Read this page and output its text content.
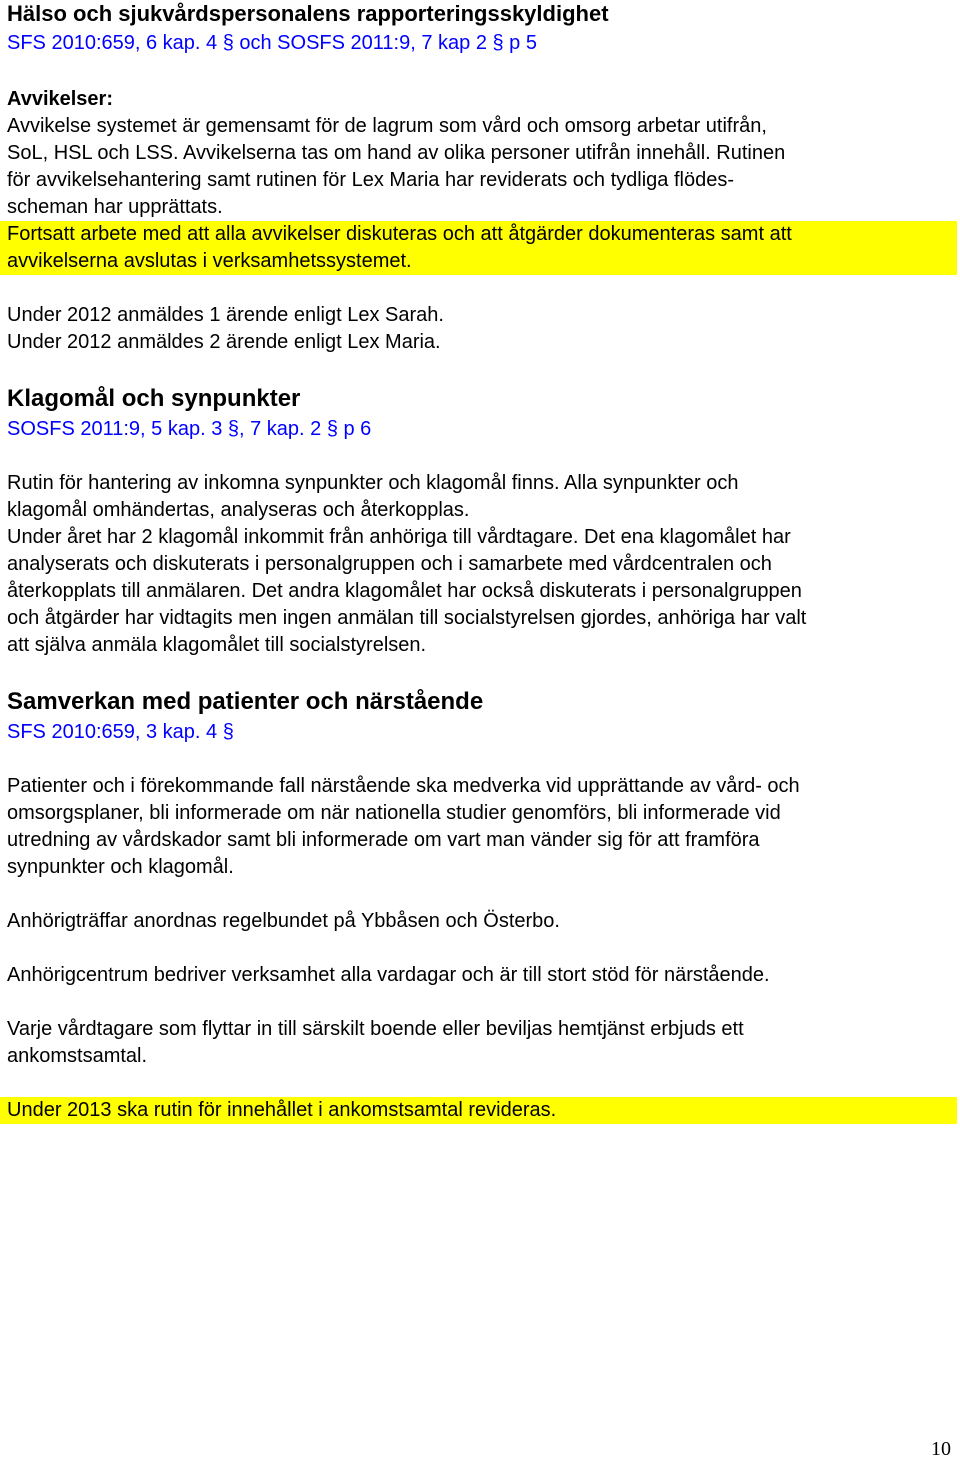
Hälso och sjukvårdspersonalens rapporteringsskyldighet
SFS 2010:659, 6 kap. 4 § och SOSFS 2011:9, 7 kap 2 § p 5
Avvikelser:
Avvikelse systemet är gemensamt för de lagrum som vård och omsorg arbetar utifrån,
SoL, HSL och LSS. Avvikelserna tas om hand av olika personer utifrån innehåll. Rutinen
för avvikelsehantering samt rutinen för Lex Maria har reviderats och tydliga flödes-
scheman har upprättats.
Fortsatt arbete med att alla avvikelser diskuteras och att åtgärder dokumenteras samt att
avvikelserna avslutas i verksamhetssystemet.
Under 2012 anmäldes 1 ärende enligt Lex Sarah.
Under 2012 anmäldes 2 ärende enligt Lex Maria.
Klagomål och synpunkter
SOSFS 2011:9, 5 kap. 3 §, 7 kap. 2 § p 6
Rutin för hantering av inkomna synpunkter och klagomål finns. Alla synpunkter och
klagomål omhändertas, analyseras och återkopplas.
Under året har 2 klagomål inkommit från anhöriga till vårdtagare. Det ena klagomålet har
analyserats och diskuterats i personalgruppen och i samarbete med vårdcentralen och
återkopplats till anmälaren. Det andra klagomålet har också diskuterats i personalgruppen
och åtgärder har vidtagits men ingen anmälan till socialstyrelsen gjordes, anhöriga har valt
att själva anmäla klagomålet till socialstyrelsen.
Samverkan med patienter och närstående
SFS 2010:659, 3 kap. 4 §
Patienter och i förekommande fall närstående ska medverka vid upprättande av vård- och
omsorgsplaner, bli informerade om när nationella studier genomförs, bli informerade vid
utredning av vårdskador samt bli informerade om vart man vänder sig för att framföra
synpunkter och klagomål.
Anhörigträffar anordnas regelbundet på Ybbåsen och Österbo.
Anhörigcentrum bedriver verksamhet alla vardagar och är till stort stöd för närstående.
Varje vårdtagare som flyttar in till särskilt boende eller beviljas hemtjänst erbjuds ett
ankomstsamtal.
Under 2013 ska rutin för innehållet i ankomstsamtal revideras.
10
